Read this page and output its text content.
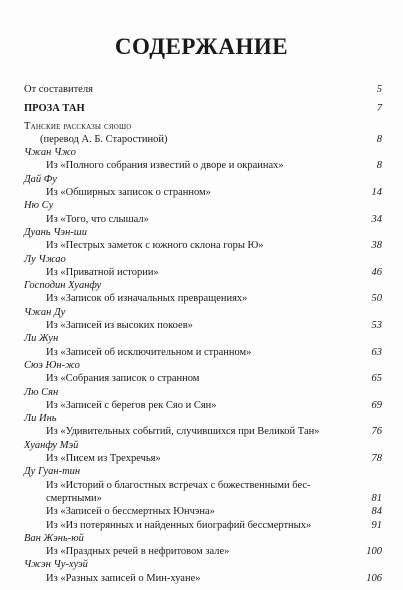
СОДЕРЖАНИЕ
От составителя	5
ПРОЗА ТАН	7
Танские рассказы сяошо
(перевод А. Б. Старостиной)	8
Чжан Чжо
Из «Полного собрания известий о дворе и окраинах»	8
Дай Фу
Из «Обширных записок о странном»	14
Ню Су
Из «Того, что слышал»	34
Дуань Чэн-ши
Из «Пестрых заметок с южного склона горы Ю»	38
Лу Чжао
Из «Приватной истории»	46
Господин Хуанфу
Из «Записок об изначальных превращениях»	50
Чжан Ду
Из «Записей из высоких покоев»	53
Ли Жун
Из «Записей об исключительном и странном»	63
Сюэ Юн-жо
Из «Собрания записок о странном	65
Лю Сян
Из «Записей с берегов рек Сяо и Сян»	69
Ли Инь
Из «Удивительных событий, случившихся при Великой Тан»	76
Хуанфу Мэй
Из «Писем из Трехречья»	78
Ду Гуан-тин
Из «Историй о благостных встречах с божественными бес-
смертными»	81
Из «Записей о бессмертных Юнчэна»	84
Из «Из потерянных и найденных биографий бессмертных»	91
Ван Жэнь-юй
Из «Праздных речей в нефритовом зале»	100
Чжэн Чу-хуэй
Из «Разных записей о Мин-хуане»	106
